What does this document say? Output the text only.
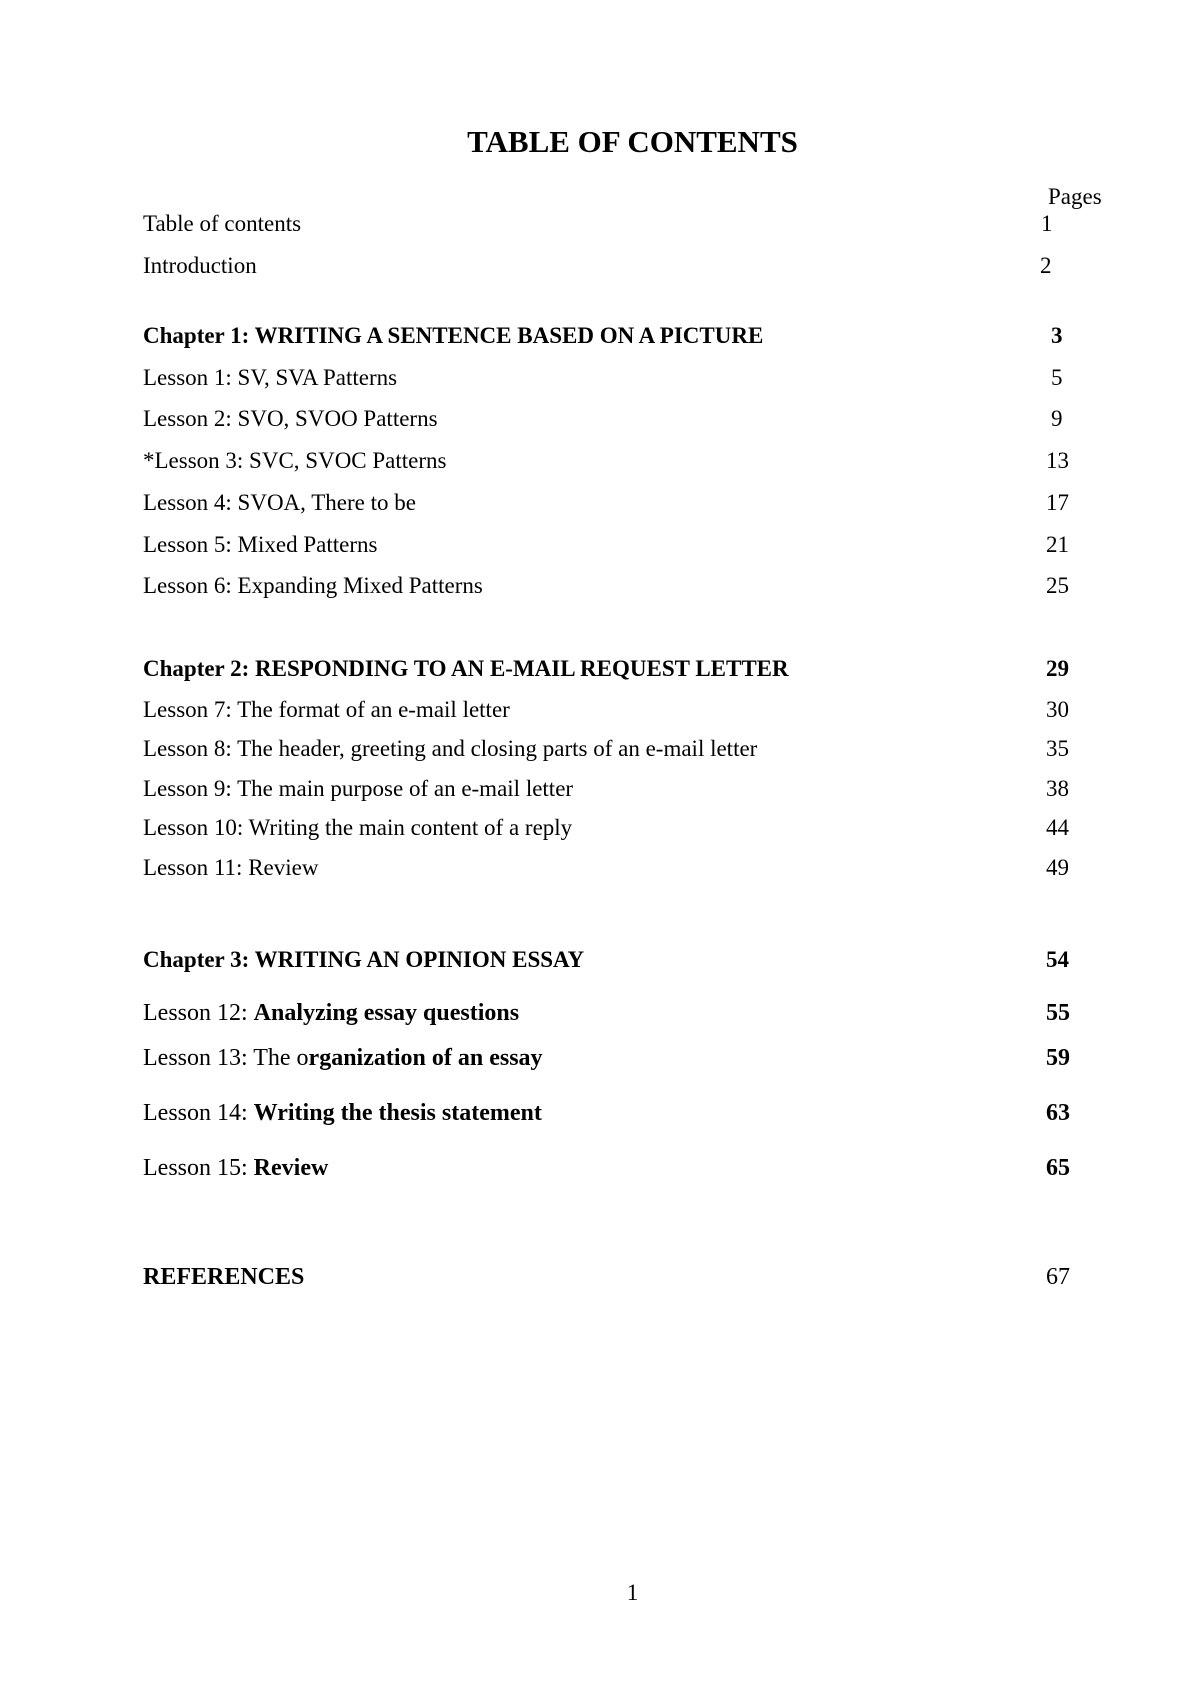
TABLE OF CONTENTS
Pages
Table of contents	1
Introduction	2
Chapter 1: WRITING A SENTENCE BASED ON A PICTURE	3
Lesson 1: SV, SVA Patterns	5
Lesson 2: SVO, SVOO Patterns	9
*Lesson 3: SVC, SVOC Patterns	13
Lesson 4: SVOA, There to be	17
Lesson 5: Mixed Patterns	21
Lesson 6: Expanding Mixed Patterns	25
Chapter 2: RESPONDING TO AN E-MAIL REQUEST LETTER	29
Lesson 7: The format of an e-mail letter	30
Lesson 8: The header, greeting and closing parts of an e-mail letter	35
Lesson 9: The main purpose of an e-mail letter	38
Lesson 10: Writing the main content of a reply	44
Lesson 11: Review	49
Chapter 3: WRITING AN OPINION ESSAY	54
Lesson 12: Analyzing essay questions	55
Lesson 13: The organization of an essay	59
Lesson 14: Writing the thesis statement	63
Lesson 15: Review	65
REFERENCES	67
1
